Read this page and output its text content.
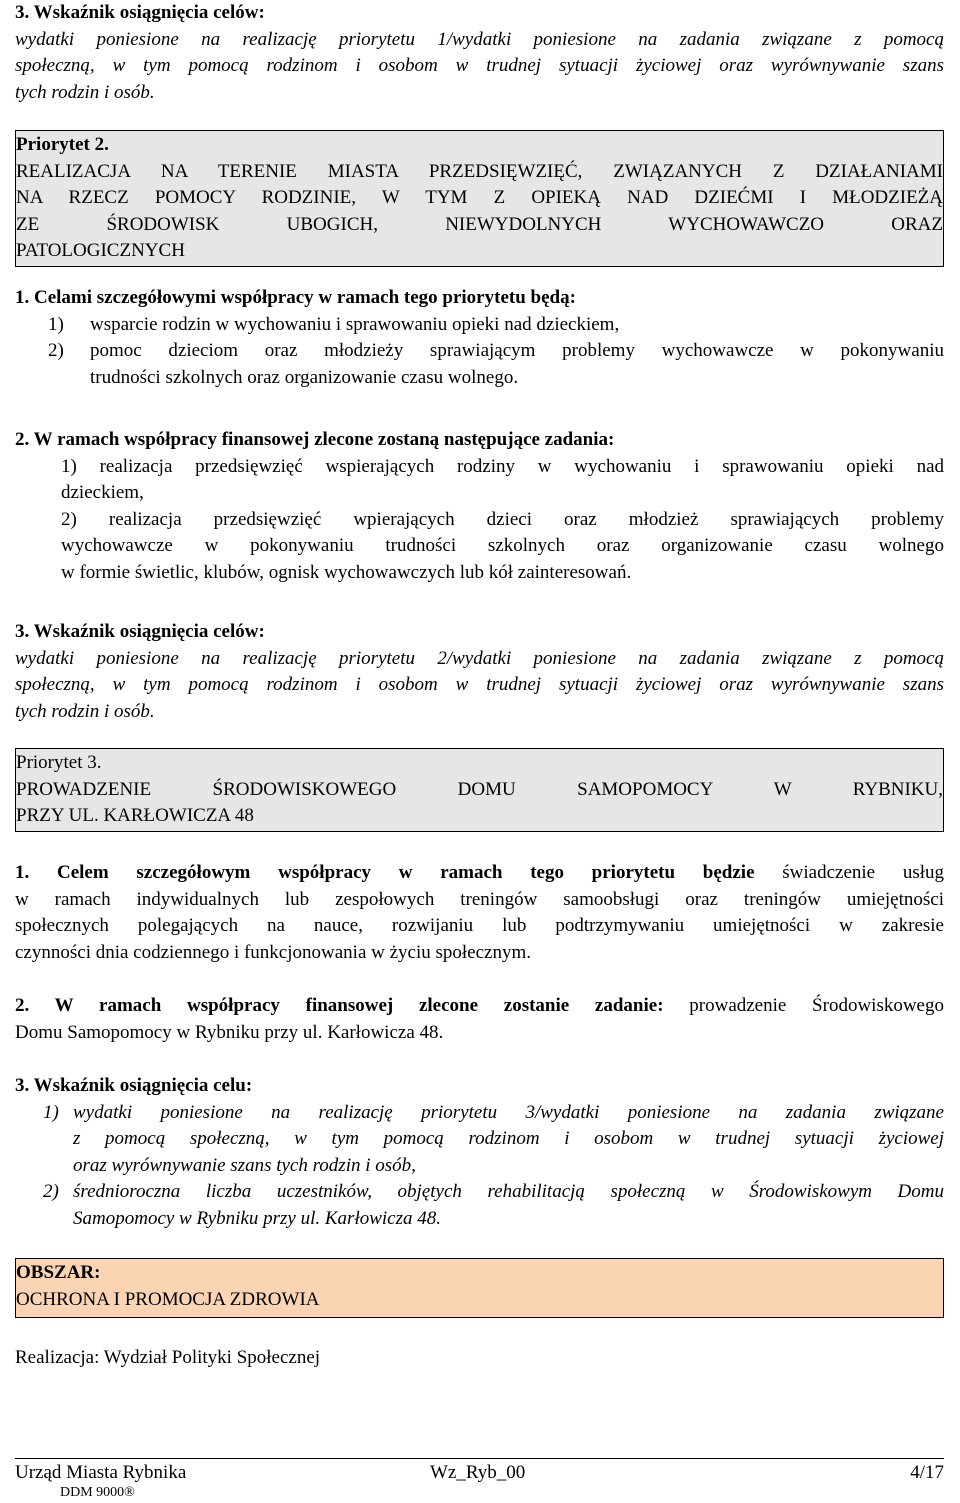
3. Wskaźnik osiągnięcia celów:
wydatki poniesione na realizację priorytetu 1/wydatki poniesione na zadania związane z pomocą
społeczną, w tym pomocą rodzinom i osobom w trudnej sytuacji życiowej oraz wyrównywanie szans
tych rodzin i osób.
Priorytet 2.
REALIZACJA NA TERENIE MIASTA PRZEDSIĘWZIĘĆ, ZWIĄZANYCH Z DZIAŁANIAMI
NA RZECZ POMOCY RODZINIE, W TYM Z OPIEKĄ NAD DZIEĆMI I MŁODZIEŻĄ
ZE ŚRODOWISK UBOGICH, NIEWYDOLNYCH WYCHOWAWCZO ORAZ
PATOLOGICZNYCH
1. Celami szczegółowymi współpracy w ramach tego priorytetu będą:
1) wsparcie rodzin w wychowaniu i sprawowaniu opieki nad dzieckiem,
2) pomoc dzieciom oraz młodzieży sprawiającym problemy wychowawcze w pokonywaniu
trudności szkolnych oraz organizowanie czasu wolnego.
2. W ramach współpracy finansowej zlecone zostaną następujące zadania:
1) realizacja przedsięwzięć wspierających rodziny w wychowaniu i sprawowaniu opieki nad
dzieckiem,
2) realizacja przedsięwzięć wpierających dzieci oraz młodzież sprawiających problemy
wychowawcze w pokonywaniu trudności szkolnych oraz organizowanie czasu wolnego
w formie świetlic, klubów, ognisk wychowawczych lub kół zainteresowań.
3. Wskaźnik osiągnięcia celów:
wydatki poniesione na realizację priorytetu 2/wydatki poniesione na zadania związane z pomocą
społeczną, w tym pomocą rodzinom i osobom w trudnej sytuacji życiowej oraz wyrównywanie szans
tych rodzin i osób.
Priorytet 3.
PROWADZENIE ŚRODOWISKOWEGO DOMU SAMOPOMOCY W RYBNIKU,
PRZY UL. KARŁOWICZA 48
1. Celem szczegółowym współpracy w ramach tego priorytetu będzie świadczenie usług
w ramach indywidualnych lub zespołowych treningów samoobsługi oraz treningów umiejętności
społecznych polegających na nauce, rozwijaniu lub podtrzymywaniu umiejętności w zakresie
czynności dnia codziennego i funkcjonowania w życiu społecznym.
2. W ramach współpracy finansowej zlecone zostanie zadanie: prowadzenie Środowiskowego
Domu Samopomocy w Rybniku przy ul. Karłowicza 48.
3. Wskaźnik osiągnięcia celu:
1) wydatki poniesione na realizację priorytetu 3/wydatki poniesione na zadania związane
z pomocą społeczną, w tym pomocą rodzinom i osobom w trudnej sytuacji życiowej
oraz wyrównywanie szans tych rodzin i osób,
2) średnioroczna liczba uczestników, objętych rehabilitacją społeczną w Środowiskowym Domu
Samopomocy w Rybniku przy ul. Karłowicza 48.
OBSZAR:
OCHRONA I PROMOCJA ZDROWIA
Realizacja: Wydział Polityki Społecznej
Urząd Miasta Rybnika	Wz_Ryb_00	4/17
DDM 9000®
